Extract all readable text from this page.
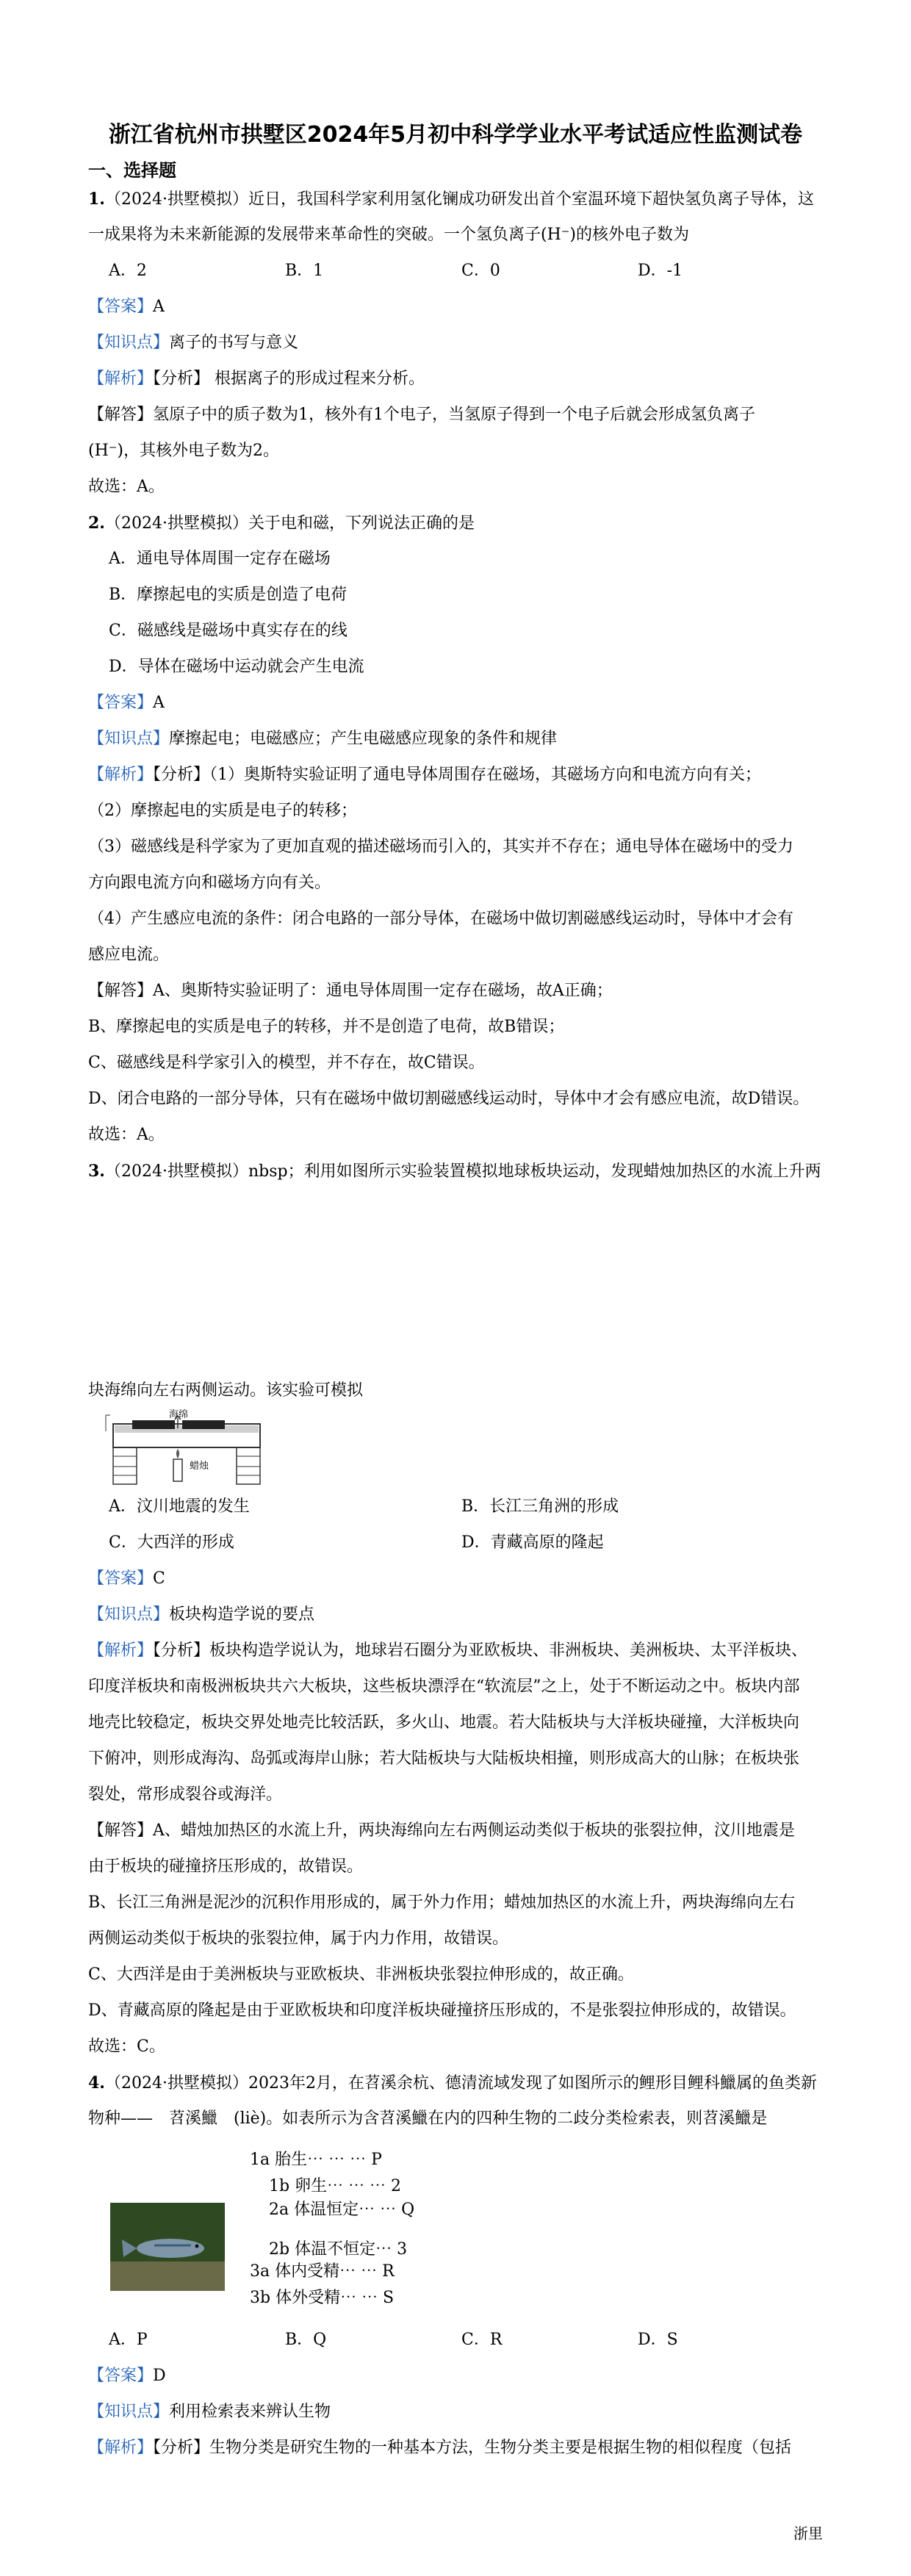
浙江省杭州市拱墅区2024年5月初中科学学业水平考试适应性监测试卷
一、选择题
1.（2024·拱墅模拟）近日，我国科学家利用氢化镧成功研发出首个室温环境下超快氢负离子导体，这
一成果将为未来新能源的发展带来革命性的突破。一个氢负离子(H⁻)的核外电子数为
A．2	B．1	C．0	D．-1
【答案】A
【知识点】离子的书写与意义
【解析】【分析】 根据离子的形成过程来分析。
【解答】氢原子中的质子数为1，核外有1个电子，当氢原子得到一个电子后就会形成氢负离子
(H⁻)，其核外电子数为2。
故选：A。
2.（2024·拱墅模拟）关于电和磁，下列说法正确的是
A．通电导体周围一定存在磁场
B．摩擦起电的实质是创造了电荷
C．磁感线是磁场中真实存在的线
D．导体在磁场中运动就会产生电流
【答案】A
【知识点】摩擦起电；电磁感应；产生电磁感应现象的条件和规律
【解析】【分析】（1）奥斯特实验证明了通电导体周围存在磁场，其磁场方向和电流方向有关；
（2）摩擦起电的实质是电子的转移；
（3）磁感线是科学家为了更加直观的描述磁场而引入的，其实并不存在；通电导体在磁场中的受力
方向跟电流方向和磁场方向有关。
（4）产生感应电流的条件：闭合电路的一部分导体，在磁场中做切割磁感线运动时，导体中才会有
感应电流。
【解答】A、奥斯特实验证明了：通电导体周围一定存在磁场，故A正确；
B、摩擦起电的实质是电子的转移，并不是创造了电荷，故B错误；
C、磁感线是科学家引入的模型，并不存在，故C错误。
D、闭合电路的一部分导体，只有在磁场中做切割磁感线运动时，导体中才会有感应电流，故D错误。
故选：A。
3.（2024·拱墅模拟）nbsp；利用如图所示实验装置模拟地球板块运动，发现蜡烛加热区的水流上升两
块海绵向左右两侧运动。该实验可模拟
海绵
蜡烛
A．汶川地震的发生	B．长江三角洲的形成
C．大西洋的形成	D．青藏高原的隆起
【答案】C
【知识点】板块构造学说的要点
【解析】【分析】板块构造学说认为，地球岩石圈分为亚欧板块、非洲板块、美洲板块、太平洋板块、
印度洋板块和南极洲板块共六大板块，这些板块漂浮在“软流层”之上，处于不断运动之中。板块内部
地壳比较稳定，板块交界处地壳比较活跃，多火山、地震。若大陆板块与大洋板块碰撞，大洋板块向
下俯冲，则形成海沟、岛弧或海岸山脉；若大陆板块与大陆板块相撞，则形成高大的山脉；在板块张
裂处，常形成裂谷或海洋。
【解答】A、蜡烛加热区的水流上升，两块海绵向左右两侧运动类似于板块的张裂拉伸，汶川地震是
由于板块的碰撞挤压形成的，故错误。
B、长江三角洲是泥沙的沉积作用形成的，属于外力作用；蜡烛加热区的水流上升，两块海绵向左右
两侧运动类似于板块的张裂拉伸，属于内力作用，故错误。
C、大西洋是由于美洲板块与亚欧板块、非洲板块张裂拉伸形成的，故正确。
D、青藏高原的隆起是由于亚欧板块和印度洋板块碰撞挤压形成的，不是张裂拉伸形成的，故错误。
故选：C。
4.（2024·拱墅模拟）2023年2月，在苕溪余杭、德清流域发现了如图所示的鲤形目鲤科鱲属的鱼类新
物种——　苕溪鱲　(liè)。如表所示为含苕溪鱲在内的四种生物的二歧分类检索表，则苕溪鱲是
1a 胎生⋯ ⋯ ⋯ P
1b 卵生⋯ ⋯ ⋯ 2
2a 体温恒定⋯ ⋯ Q
2b 体温不恒定⋯ 3
3a 体内受精⋯ ⋯ R
3b 体外受精⋯ ⋯ S
A．P	B．Q	C．R	D．S
【答案】D
【知识点】利用检索表来辨认生物
【解析】【分析】生物分类是研究生物的一种基本方法，生物分类主要是根据生物的相似程度（包括
浙里
